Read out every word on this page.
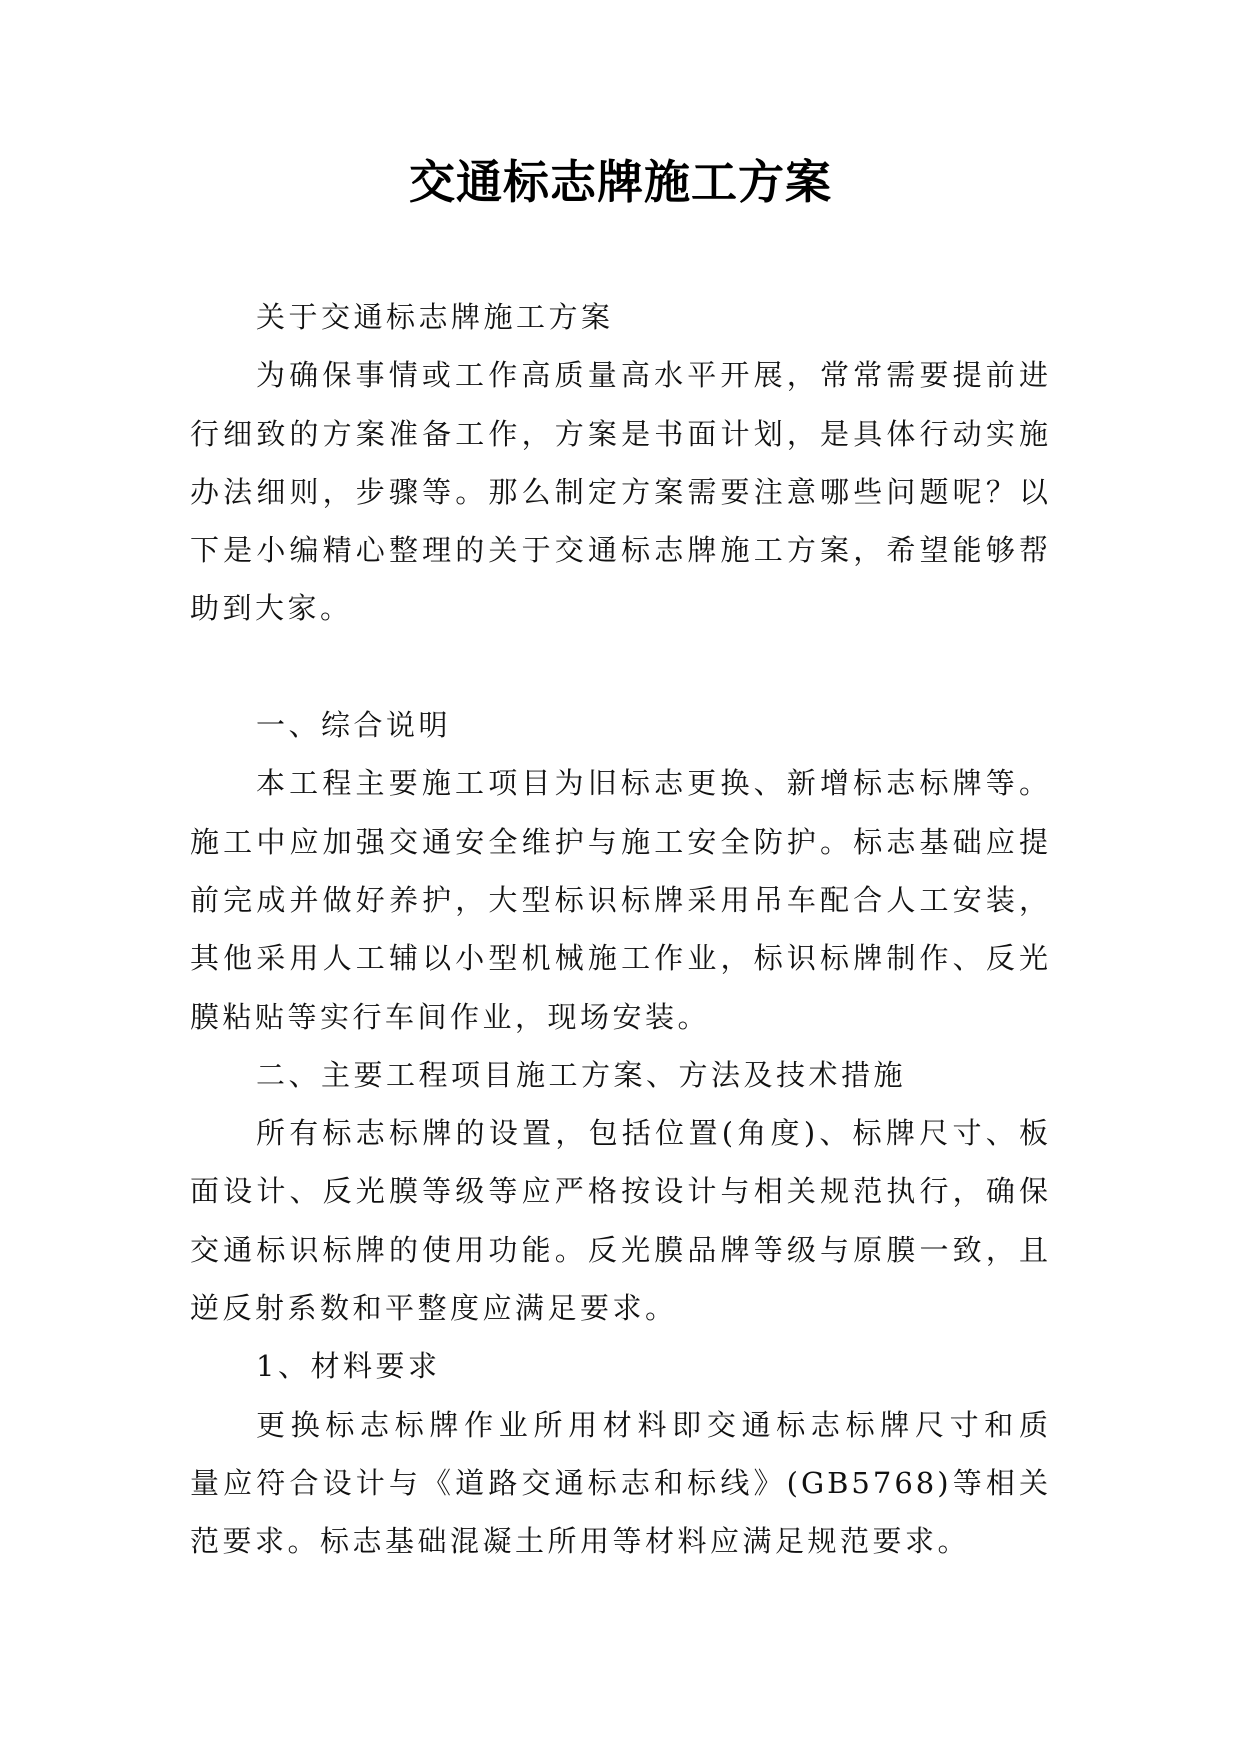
交通标志牌施工方案
关于交通标志牌施工方案
为确保事情或工作高质量高水平开展，常常需要提前进
行细致的方案准备工作，方案是书面计划，是具体行动实施
办法细则，步骤等。那么制定方案需要注意哪些问题呢？以
下是小编精心整理的关于交通标志牌施工方案，希望能够帮
助到大家。
一、综合说明
本工程主要施工项目为旧标志更换、新增标志标牌等。
施工中应加强交通安全维护与施工安全防护。标志基础应提
前完成并做好养护，大型标识标牌采用吊车配合人工安装，
其他采用人工辅以小型机械施工作业，标识标牌制作、反光
膜粘贴等实行车间作业，现场安装。
二、主要工程项目施工方案、方法及技术措施
所有标志标牌的设置，包括位置(角度)、标牌尺寸、板
面设计、反光膜等级等应严格按设计与相关规范执行，确保
交通标识标牌的使用功能。反光膜品牌等级与原膜一致，且
逆反射系数和平整度应满足要求。
1、材料要求
更换标志标牌作业所用材料即交通标志标牌尺寸和质
量应符合设计与《道路交通标志和标线》(GB5768)等相关
范要求。标志基础混凝土所用等材料应满足规范要求。
